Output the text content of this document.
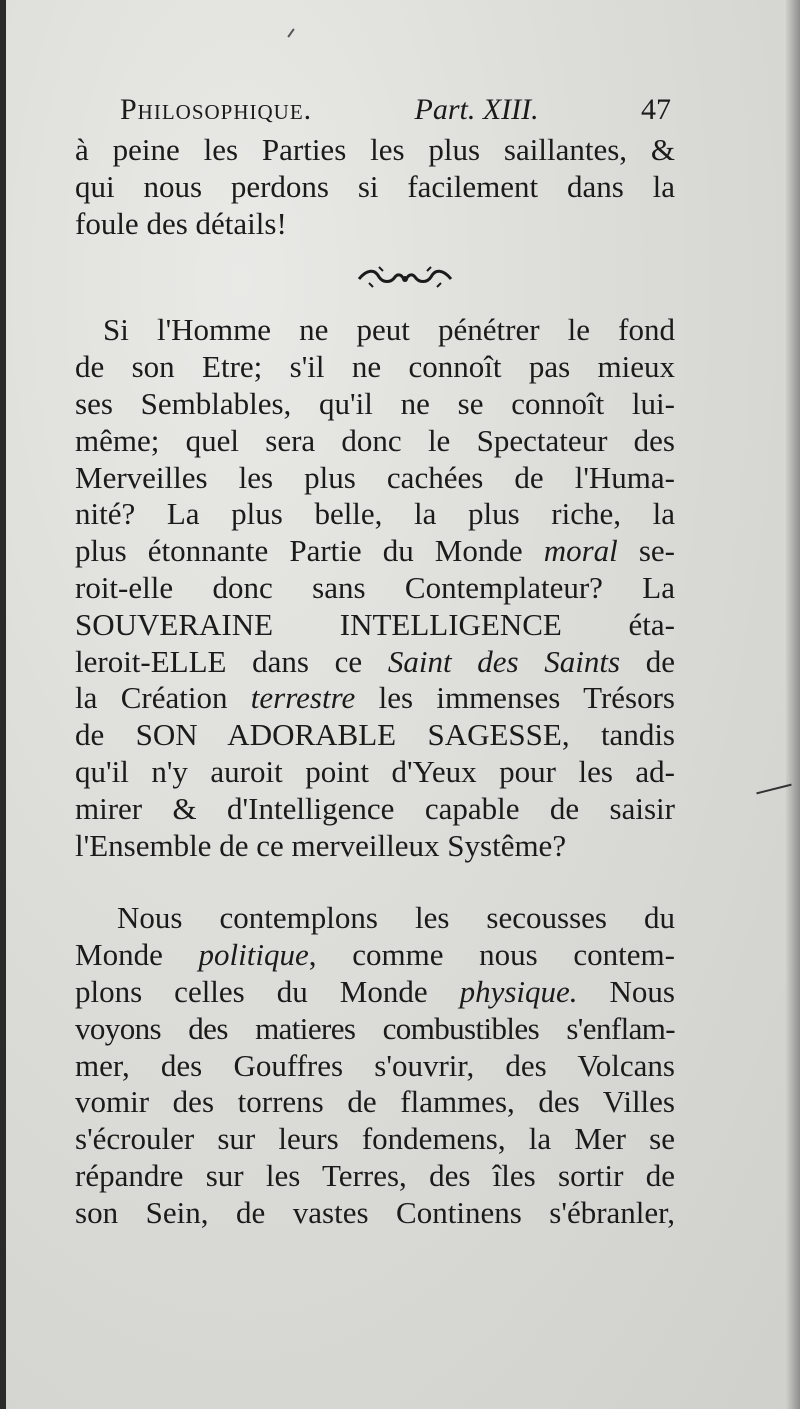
Philosophique.	Part. XIII.	47
à peine les Parties les plus saillantes, &
qui nous perdons si facilement dans la
foule des détails!
Si l'Homme ne peut pénétrer le fond
de son Etre; s'il ne connoît pas mieux
ses Semblables, qu'il ne se connoît lui-
même; quel sera donc le Spectateur des
Merveilles les plus cachées de l'Huma-
nité? La plus belle, la plus riche, la
plus étonnante Partie du Monde moral se-
roit-elle donc sans Contemplateur? La
SOUVERAINE INTELLIGENCE éta-
leroit-ELLE dans ce Saint des Saints de
la Création terrestre les immenses Trésors
de SON ADORABLE SAGESSE, tandis
qu'il n'y auroit point d'Yeux pour les ad-
mirer & d'Intelligence capable de saisir
l'Ensemble de ce merveilleux Systême?
Nous contemplons les secousses du
Monde politique, comme nous contem-
plons celles du Monde physique. Nous
voyons des matieres combustibles s'enflam-
mer, des Gouffres s'ouvrir, des Volcans
vomir des torrens de flammes, des Villes
s'écrouler sur leurs fondemens, la Mer se
répandre sur les Terres, des îles sortir de
son Sein, de vastes Continens s'ébranler,
